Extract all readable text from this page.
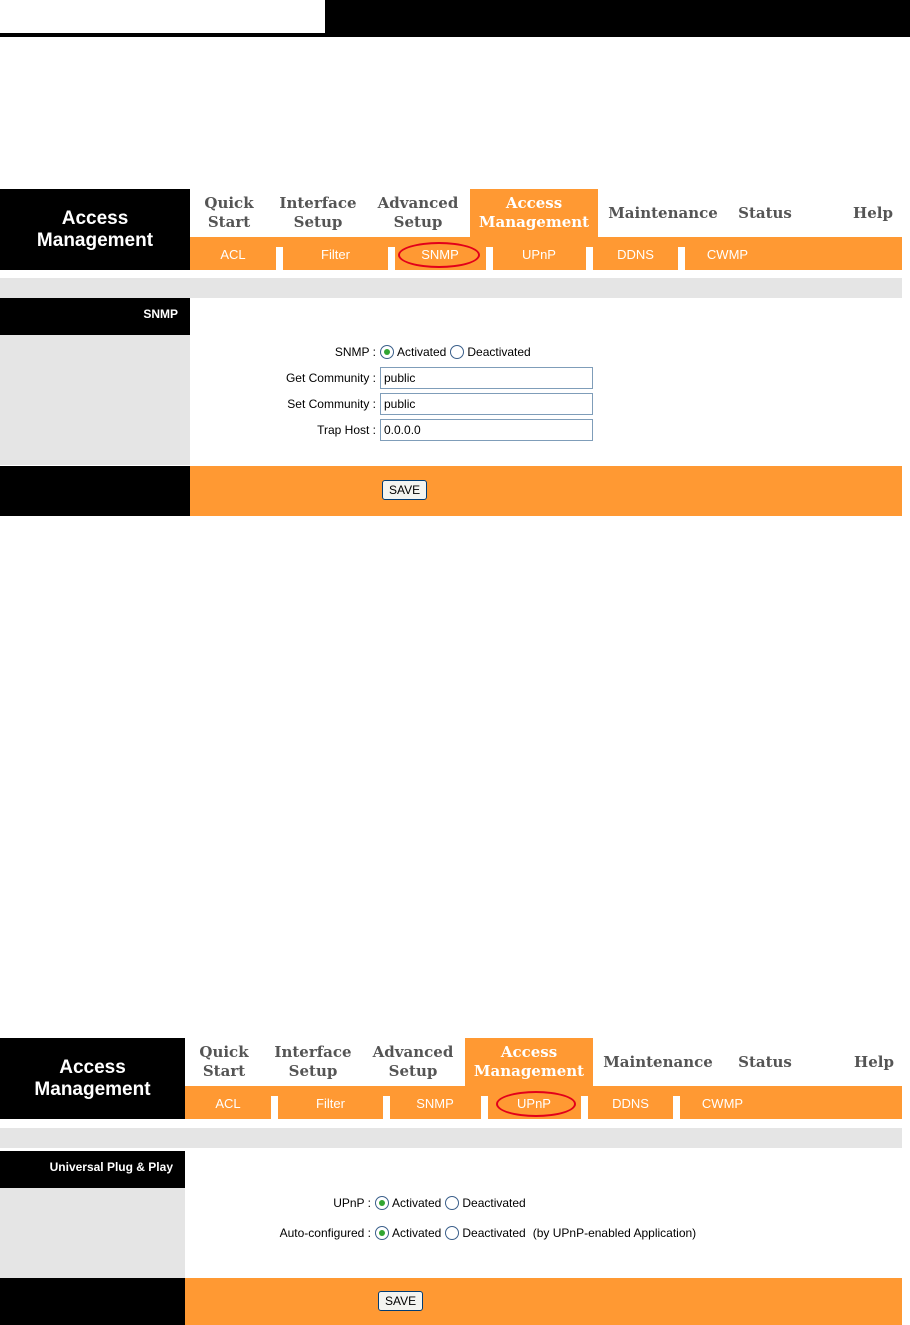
Access
Management
Quick
Start
Interface
Setup
Advanced
Setup
Access
Management
Maintenance	Status	Help
ACL	Filter	SNMP	UPnP	DDNS	CWMP
SNMP
SNMP : Activated Deactivated
Get Community :
public
Set Community :
public
Trap Host :
0.0.0.0
SAVE
Access
Management
Quick
Start
Interface
Setup
Advanced
Setup
Access
Management
Maintenance	Status	Help
ACL	Filter	SNMP	UPnP	DDNS	CWMP
Universal Plug & Play
UPnP : Activated Deactivated
Auto-configured : Activated Deactivated (by UPnP-enabled Application)
SAVE
